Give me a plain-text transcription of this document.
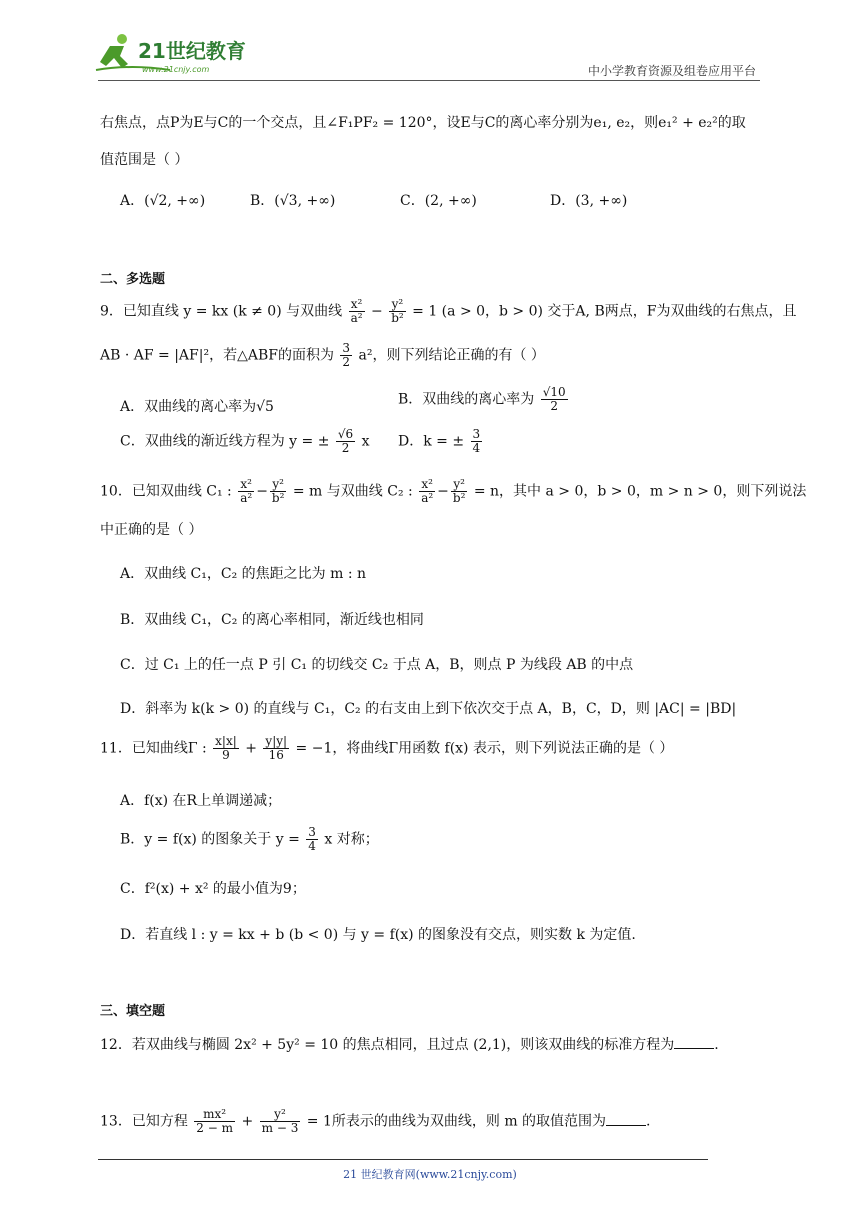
21世纪教育
www.21cnjy.com	中小学教育资源及组卷应用平台
右焦点，点P为E与C的一个交点，且∠F₁PF₂ = 120°，设E与C的离心率分别为e₁, e₂，则e₁² + e₂²的取
值范围是（ ）
A．(√2, +∞)	B．(√3, +∞)	C．(2, +∞)	D．(3, +∞)
二、多选题
9．已知直线 y = kx (k ≠ 0) 与双曲线 $\frac{\text{x²}}{\text{a²}} - \frac{\text{y²}}{\text{b²}} = 1$ (a > 0，b > 0) 交于A, B两点，F为双曲线的右焦点，且
AB · AF = |AF|²，若△ABF的面积为 $\frac{3}{2} a^2$，则下列结论正确的有（ ）
A．双曲线的离心率为√5	B．双曲线的离心率为 $\frac{√10}{2}$
C．双曲线的渐近线方程为 y = ± $\frac{√6}{2}$ x D．k = ± $\frac{3}{4}$
10．已知双曲线 C₁ : $\frac{\text{x²}}{\text{a²}} - \frac{\text{y²}}{\text{b²}} = m$ 与双曲线 C₂ : $\frac{\text{x²}}{\text{a²}} - \frac{\text{y²}}{\text{b²}} = n$，其中 a > 0，b > 0，m > n > 0，则下列说法
中正确的是（ ）
A．双曲线 C₁，C₂ 的焦距之比为 m : n
B．双曲线 C₁，C₂ 的离心率相同，渐近线也相同
C．过 C₁ 上的任一点 P 引 C₁ 的切线交 C₂ 于点 A，B，则点 P 为线段 AB 的中点
D．斜率为 k(k > 0) 的直线与 C₁，C₂ 的右支由上到下依次交于点 A，B，C，D，则 |AC| = |BD|
11．已知曲线Γ : $\frac{x|x|}{9} + \frac{y|y|}{16} = -1$，将曲线Γ用函数 f(x) 表示，则下列说法正确的是（ ）
A．f(x) 在R上单调递减；
B．y = f(x) 的图象关于 $y = \frac{3}{4}$ x 对称；
C．f²(x) + x² 的最小值为9；
D．若直线 l : y = kx + b (b < 0) 与 y = f(x) 的图象没有交点，则实数 k 为定值.
三、填空题
12．若双曲线与椭圆 2x² + 5y² = 10 的焦点相同，且过点 (2,1)，则该双曲线的标准方程为	.
13．已知方程 $\frac{\text{mx²}}{2 - m} + \frac{\text{y²}}{m - 3} = 1$所表示的曲线为双曲线，则 m 的取值范围为	.
21 世纪教育网(www.21cnjy.com)
